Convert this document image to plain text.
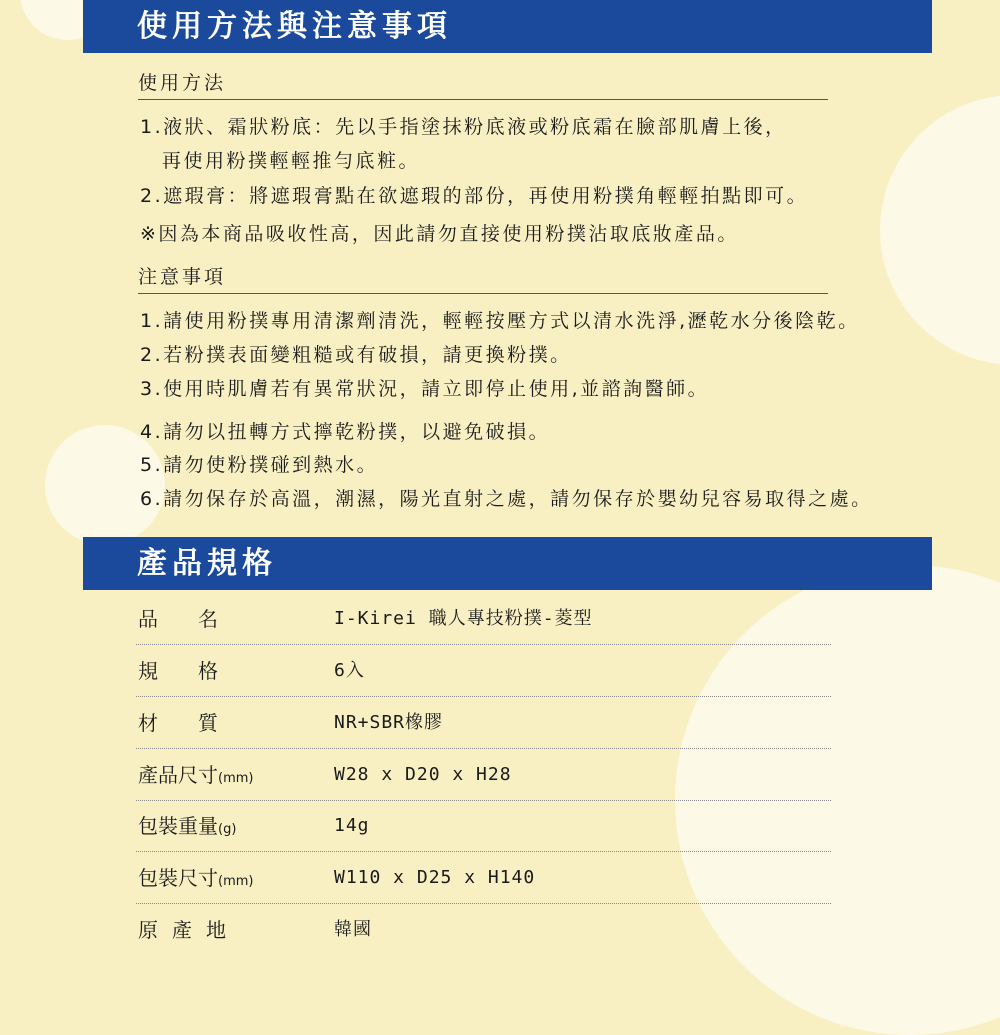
使用方法與注意事項
使用方法
1.液狀、霜狀粉底：先以手指塗抹粉底液或粉底霜在臉部肌膚上後，
再使用粉撲輕輕推勻底粧。
2.遮瑕膏：將遮瑕膏點在欲遮瑕的部份，再使用粉撲角輕輕拍點即可。
※因為本商品吸收性高，因此請勿直接使用粉撲沾取底妝產品。
注意事項
1.請使用粉撲專用清潔劑清洗，輕輕按壓方式以清水洗淨,瀝乾水分後陰乾。
2.若粉撲表面變粗糙或有破損，請更換粉撲。
3.使用時肌膚若有異常狀況，請立即停止使用,並諮詢醫師。
4.請勿以扭轉方式擰乾粉撲，以避免破損。
5.請勿使粉撲碰到熱水。
6.請勿保存於高溫，潮濕，陽光直射之處，請勿保存於嬰幼兒容易取得之處。
產品規格
品名	I-Kirei 職人專技粉撲-菱型
規格	6入
材質	NR+SBR橡膠
產品尺寸(mm)	W28 x D20 x H28
包裝重量(g)	14g
包裝尺寸(mm)	W110 x D25 x H140
原產地	韓國
